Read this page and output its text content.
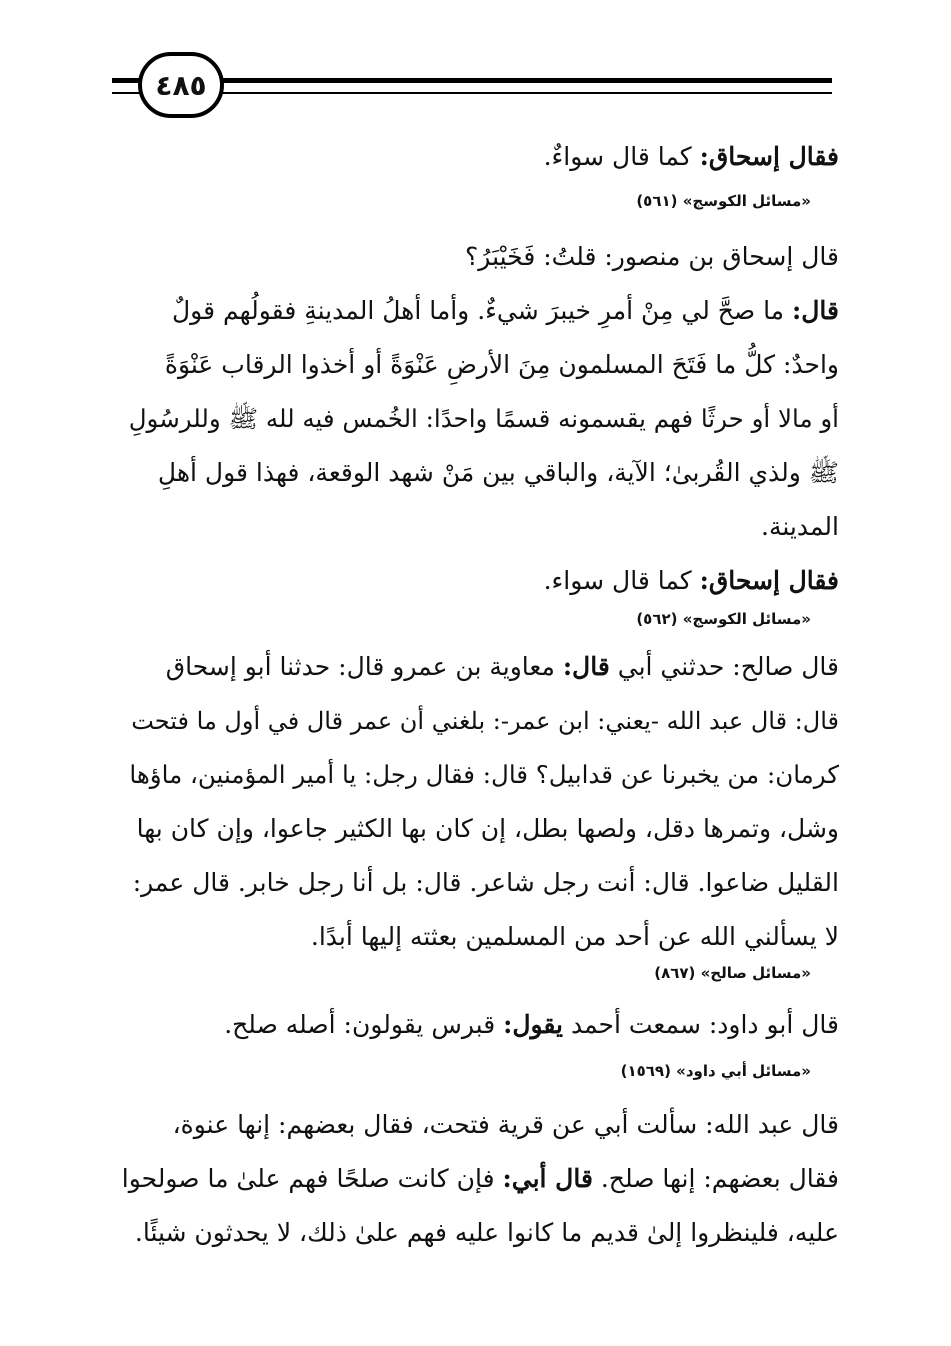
٤٨٥
فقال إسحاق: كما قال سواءٌ.
«مسائل الكوسج» (٥٦١)
قال إسحاق بن منصور: قلتُ: فَخَيْبَرُ؟
قال: ما صحَّ لي مِنْ أمرِ خيبرَ شيءٌ. وأما أهلُ المدينةِ فقولُهم قولٌ
واحدٌ: كلُّ ما فَتَحَ المسلمون مِنَ الأرضِ عَنْوَةً أو أخذوا الرقاب عَنْوَةً
أو مالا أو حرثًا فهم يقسمونه قسمًا واحدًا: الخُمس فيه لله ﷺ وللرسُولِ
ﷺ ولذي القُربىٰ؛ الآية، والباقي بين مَنْ شهد الوقعة، فهذا قول أهلِ
المدينة.
فقال إسحاق: كما قال سواء.
«مسائل الكوسج» (٥٦٢)
قال صالح: حدثني أبي قال: معاوية بن عمرو قال: حدثنا أبو إسحاق
قال: قال عبد الله -يعني: ابن عمر-: بلغني أن عمر قال في أول ما فتحت
كرمان: من يخبرنا عن قدابيل؟ قال: فقال رجل: يا أمير المؤمنين، ماؤها
وشل، وتمرها دقل، ولصها بطل، إن كان بها الكثير جاعوا، وإن كان بها
القليل ضاعوا. قال: أنت رجل شاعر. قال: بل أنا رجل خابر. قال عمر:
لا يسألني الله عن أحد من المسلمين بعثته إليها أبدًا.
«مسائل صالح» (٨٦٧)
قال أبو داود: سمعت أحمد يقول: قبرس يقولون: أصله صلح.
«مسائل أبي داود» (١٥٦٩)
قال عبد الله: سألت أبي عن قرية فتحت، فقال بعضهم: إنها عنوة،
فقال بعضهم: إنها صلح. قال أبي: فإن كانت صلحًا فهم علىٰ ما صولحوا
عليه، فلينظروا إلىٰ قديم ما كانوا عليه فهم علىٰ ذلك، لا يحدثون شيئًا.
